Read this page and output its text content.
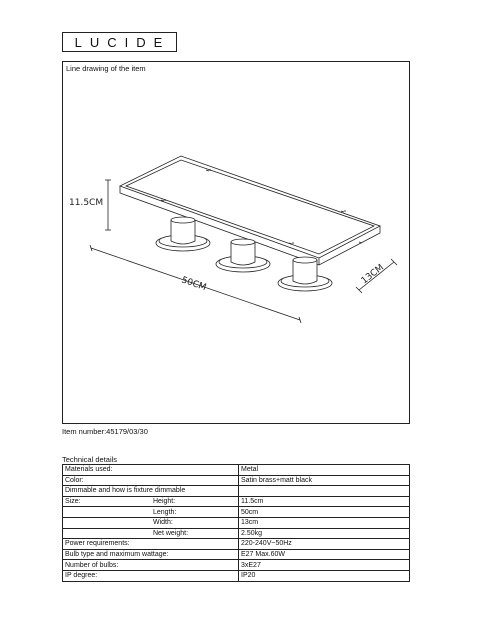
LUCIDE
Line drawing of the item
11.5CM
50CM	13CM
Item number:45179/03/30
Technical details
Materials used:	Metal
Color:	Satin brass+matt black
Dimmable and how is fixture dimmable	

Size: Height:	11.5cm

Length:	50cm

Width:	13cm

Net weight:	2.50kg
Power requirements:	220-240V~50Hz
Bulb type and maximum wattage:	E27 Max.60W
Number of bulbs:	3xE27
IP degree:	IP20
